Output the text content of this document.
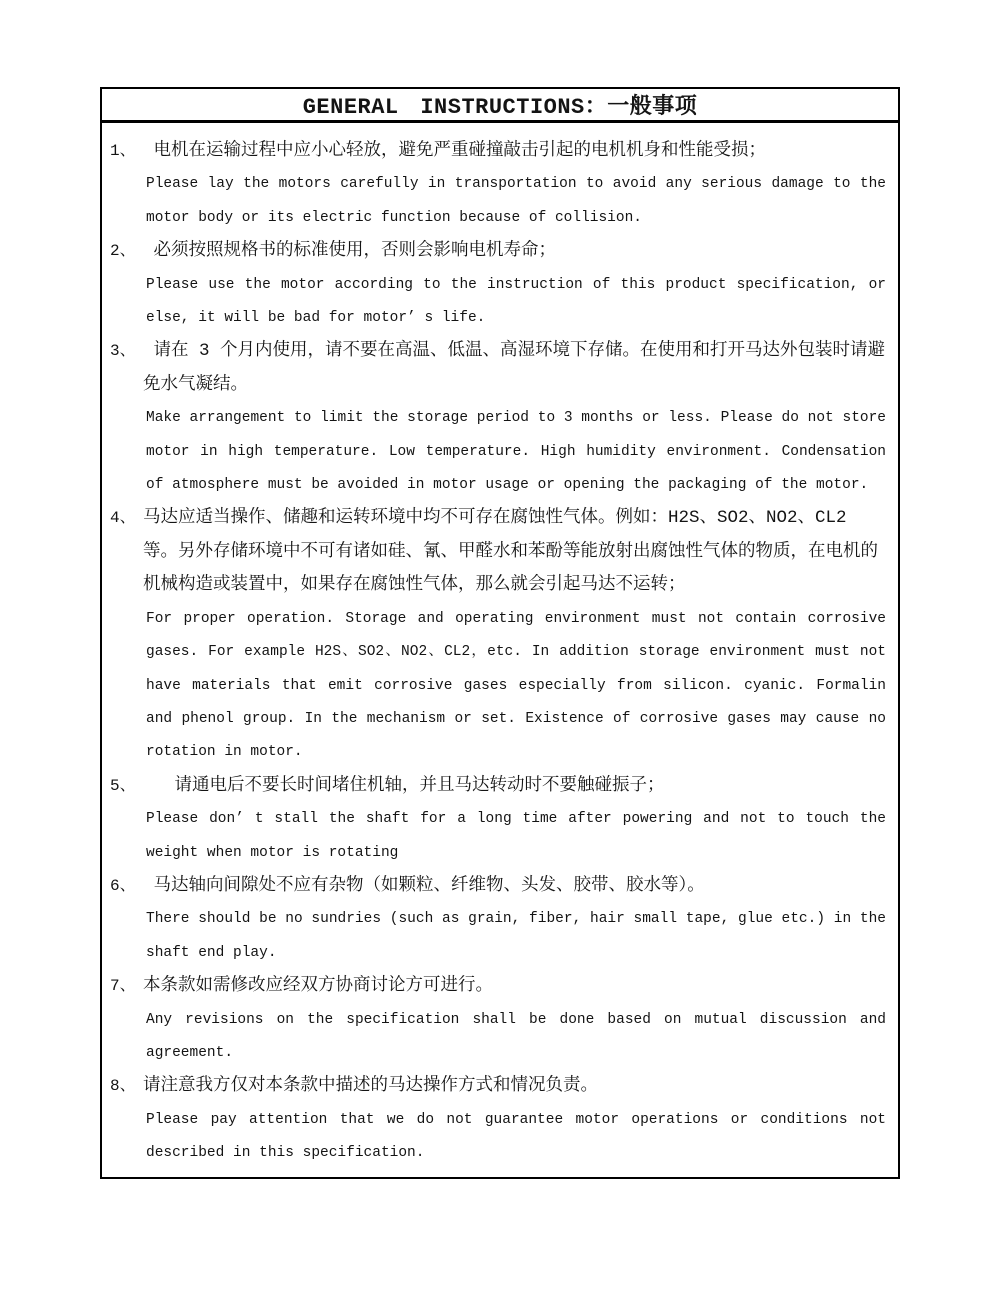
GENERAL INSTRUCTIONS：一般事项
1、 电机在运输过程中应小心轻放，避免严重碰撞敲击引起的电机机身和性能受损；
Please lay the motors carefully in transportation to avoid any serious damage to the motor body or its electric function because of collision.
2、 必须按照规格书的标准使用，否则会影响电机寿命；
Please use the motor according to the instruction of this product specification, or else, it will be bad for motor’ s life.
3、 请在 3 个月内使用，请不要在高温、低温、高湿环境下存储。在使用和打开马达外包装时请避免水气凝结。
Make arrangement to limit the storage period to 3 months or less. Please do not store motor in high temperature. Low temperature. High humidity environment. Condensation of atmosphere must be avoided in motor usage or opening the packaging of the motor.
4、 马达应适当操作、储趣和运转环境中均不可存在腐蚀性气体。例如：H2S、SO2、NO2、CL2 等。另外存储环境中不可有诸如硅、氰、甲醛水和苯酚等能放射出腐蚀性气体的物质，在电机的机械构造或装置中，如果存在腐蚀性气体，那么就会引起马达不运转；
For proper operation. Storage and operating environment must not contain corrosive gases. For example H2S、SO2、NO2、CL2，etc. In addition storage environment must not have materials that emit corrosive gases especially from silicon. cyanic. Formalin and phenol group. In the mechanism or set. Existence of corrosive gases may cause no rotation in motor.
5、 请通电后不要长时间堵住机轴，并且马达转动时不要触碰振子；
Please don’ t stall the shaft for a long time after powering and not to touch the weight when motor is rotating
6、 马达轴向间隙处不应有杂物（如颗粒、纤维物、头发、胶带、胶水等）。
There should be no sundries (such as grain, fiber, hair small tape, glue etc.) in the shaft end play.
7、 本条款如需修改应经双方协商讨论方可进行。
Any revisions on the specification shall be done based on mutual discussion and agreement.
8、 请注意我方仅对本条款中描述的马达操作方式和情况负责。
Please pay attention that we do not guarantee motor operations or conditions not described in this specification.
